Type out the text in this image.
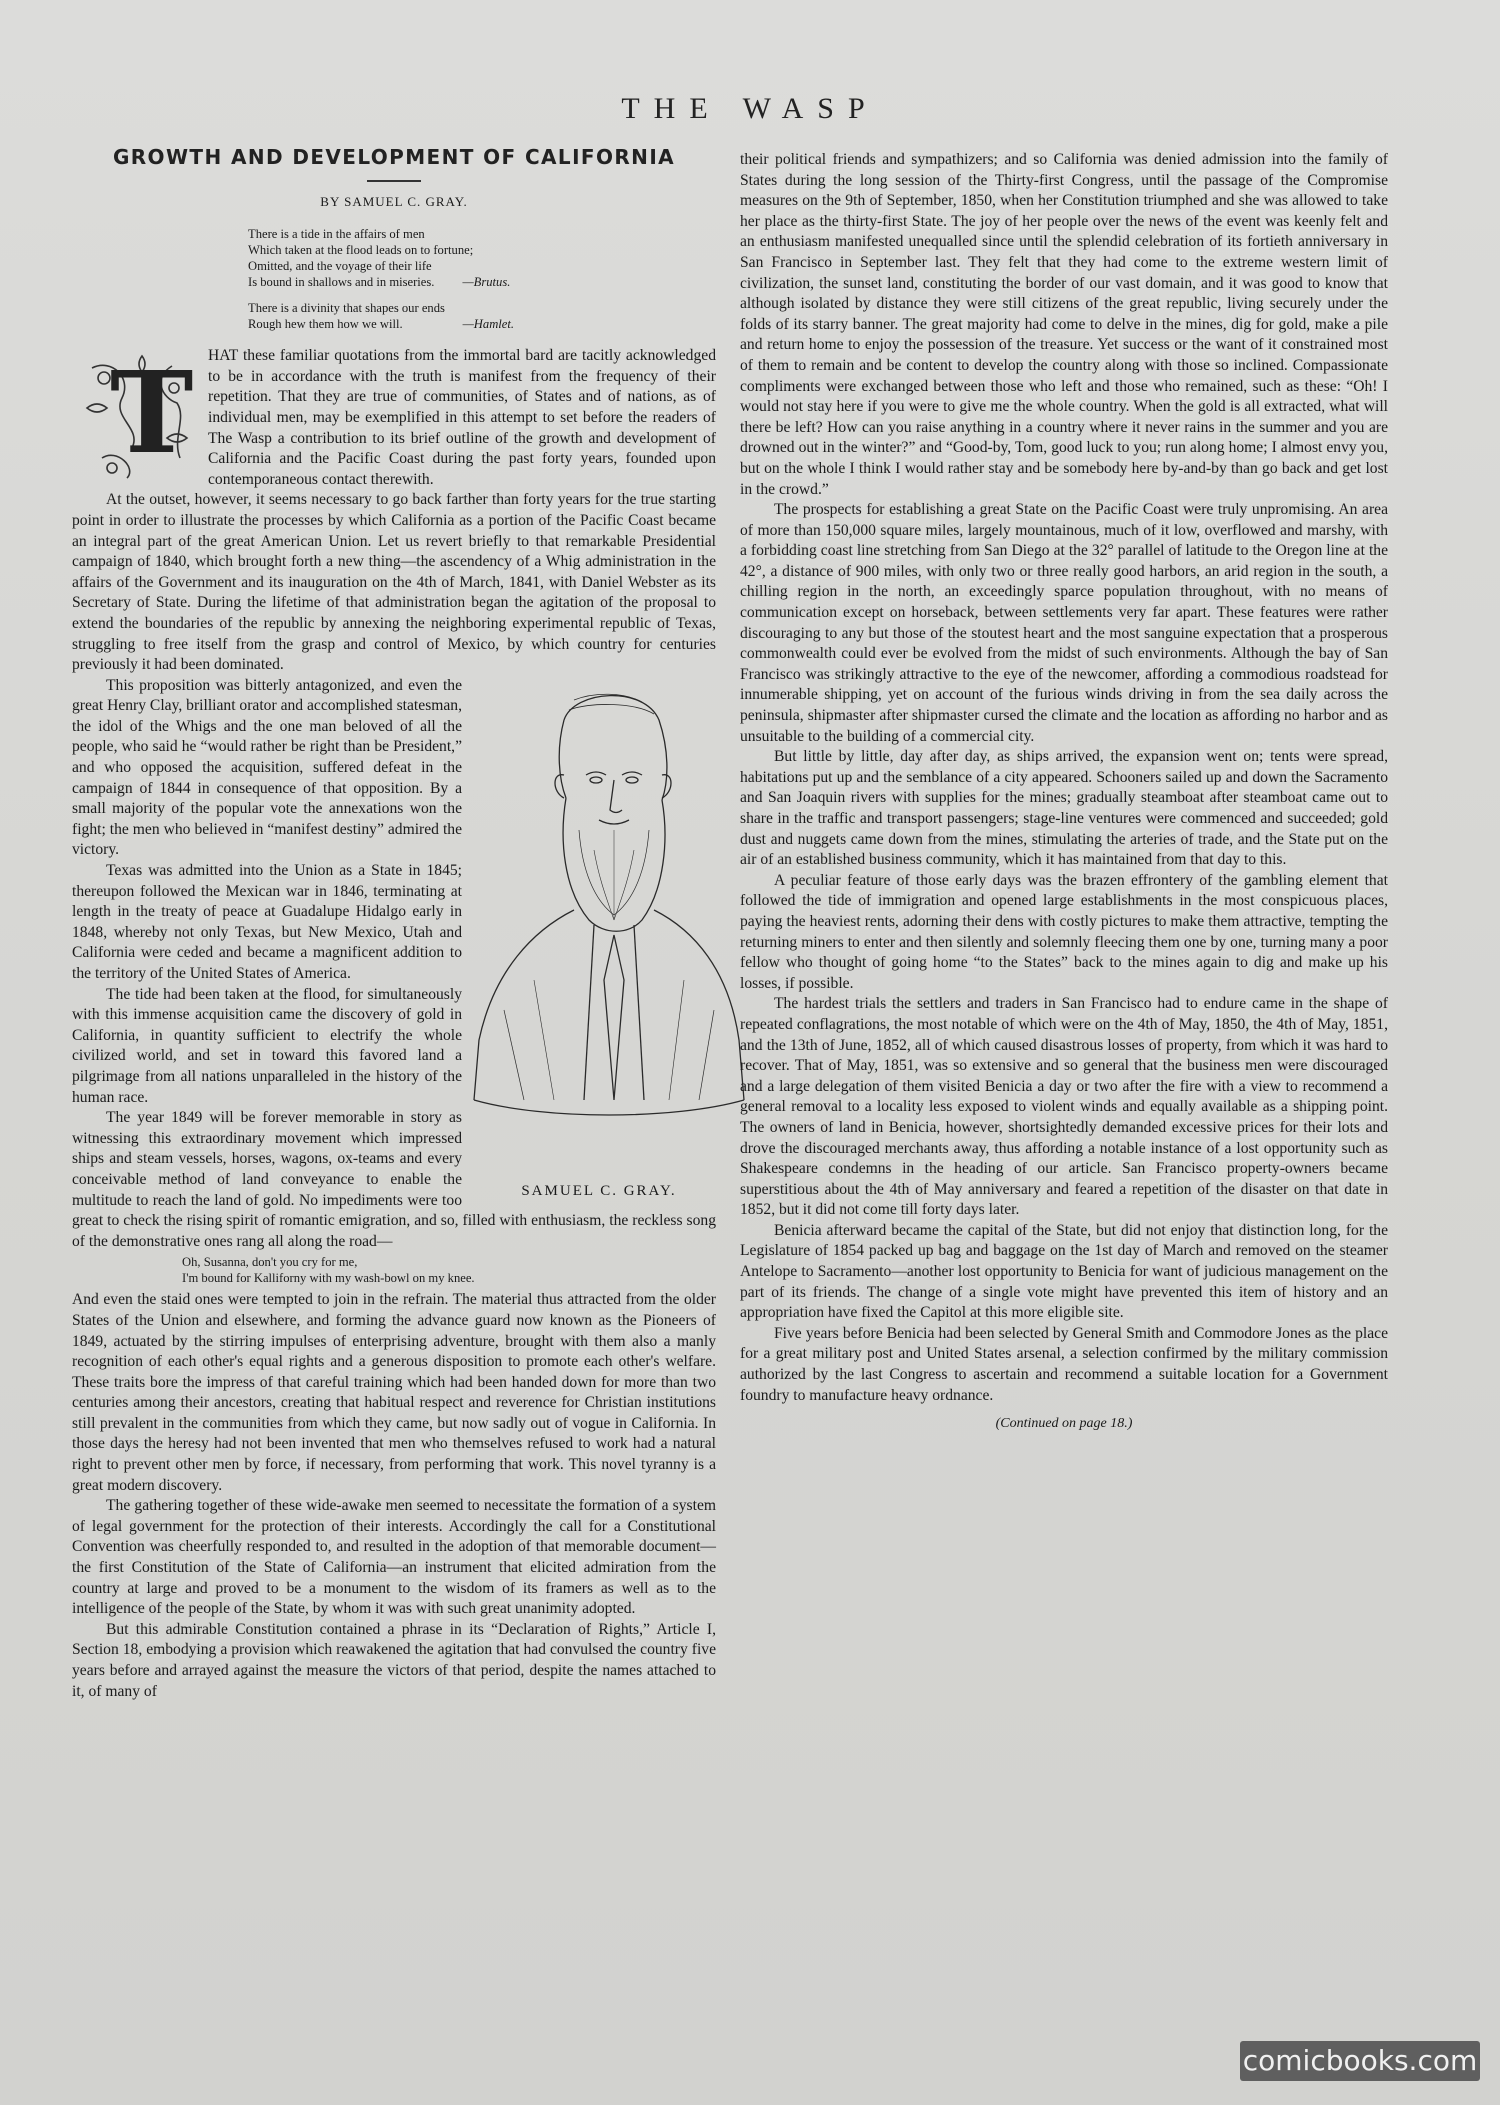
THE WASP
GROWTH AND DEVELOPMENT OF CALIFORNIA
BY SAMUEL C. GRAY.
There is a tide in the affairs of men
Which taken at the flood leads on to fortune;
Omitted, and the voyage of their life
Is bound in shallows and in miseries. —Brutus.
There is a divinity that shapes our ends
Rough hew them how we will.	—Hamlet.
T HAT these familiar quotations from the immortal bard are tacitly acknowledged to be in accordance with the truth is manifest from the frequency of their repetition. That they are true of communities, of States and of nations, as of individual men, may be exemplified in this attempt to set before the readers of The Wasp a contribution to its brief outline of the growth and development of California and the Pacific Coast during the past forty years, founded upon contemporaneous contact therewith.

At the outset, however, it seems necessary to go back farther than forty years for the true starting point in order to illustrate the processes by which California as a portion of the Pacific Coast became an integral part of the great American Union. Let us revert briefly to that remarkable Presidential campaign of 1840, which brought forth a new thing—the ascendency of a Whig administration in the affairs of the Government and its inauguration on the 4th of March, 1841, with Daniel Webster as its Secretary of State. During the lifetime of that administration began the agitation of the proposal to extend the boundaries of the republic by annexing the neighboring experimental republic of Texas, struggling to free itself from the grasp and control of Mexico, by which country for centuries previously it had been dominated.

SAMUEL C. GRAY.

This proposition was bitterly antagonized, and even the great Henry Clay, brilliant orator and accomplished statesman, the idol of the Whigs and the one man beloved of all the people, who said he “would rather be right than be President,” and who opposed the acquisition, suffered defeat in the campaign of 1844 in consequence of that opposition. By a small majority of the popular vote the annexations won the fight; the men who believed in “manifest destiny” admired the victory.

Texas was admitted into the Union as a State in 1845; thereupon followed the Mexican war in 1846, terminating at length in the treaty of peace at Guadalupe Hidalgo early in 1848, whereby not only Texas, but New Mexico, Utah and California were ceded and became a magnificent addition to the territory of the United States of America.

The tide had been taken at the flood, for simultaneously with this immense acquisition came the discovery of gold in California, in quantity sufficient to electrify the whole civilized world, and set in toward this favored land a pilgrimage from all nations unparalleled in the history of the human race.

The year 1849 will be forever memorable in story as witnessing this extraordinary movement which impressed ships and steam vessels, horses, wagons, ox-teams and every conceivable method of land conveyance to enable the multitude to reach the land of gold. No impediments were too great to check the rising spirit of romantic emigration, and so, filled with enthusiasm, the reckless song of the demonstrative ones rang all along the road—

Oh, Susanna, don't you cry for me,
I'm bound for Kalliforny with my wash-bowl on my knee.

And even the staid ones were tempted to join in the refrain. The material thus attracted from the older States of the Union and elsewhere, and forming the advance guard now known as the Pioneers of 1849, actuated by the stirring impulses of enterprising adventure, brought with them also a manly recognition of each other's equal rights and a generous disposition to promote each other's welfare. These traits bore the impress of that careful training which had been handed down for more than two centuries among their ancestors, creating that habitual respect and reverence for Christian institutions still prevalent in the communities from which they came, but now sadly out of vogue in California. In those days the heresy had not been invented that men who themselves refused to work had a natural right to prevent other men by force, if necessary, from performing that work. This novel tyranny is a great modern discovery.

The gathering together of these wide-awake men seemed to necessitate the formation of a system of legal government for the protection of their interests. Accordingly the call for a Constitutional Convention was cheerfully responded to, and resulted in the adoption of that memorable document—the first Constitution of the State of California—an instrument that elicited admiration from the country at large and proved to be a monument to the wisdom of its framers as well as to the intelligence of the people of the State, by whom it was with such great unanimity adopted.

But this admirable Constitution contained a phrase in its “Declaration of Rights,” Article I, Section 18, embodying a provision which reawakened the agitation that had convulsed the country five years before and arrayed against the measure the victors of that period, despite the names attached to it, of many of

their political friends and sympathizers; and so California was denied admission into the family of States during the long session of the Thirty-first Congress, until the passage of the Compromise measures on the 9th of September, 1850, when her Constitution triumphed and she was allowed to take her place as the thirty-first State. The joy of her people over the news of the event was keenly felt and an enthusiasm manifested unequalled since until the splendid celebration of its fortieth anniversary in San Francisco in September last. They felt that they had come to the extreme western limit of civilization, the sunset land, constituting the border of our vast domain, and it was good to know that although isolated by distance they were still citizens of the great republic, living securely under the folds of its starry banner. The great majority had come to delve in the mines, dig for gold, make a pile and return home to enjoy the possession of the treasure. Yet success or the want of it constrained most of them to remain and be content to develop the country along with those so inclined. Compassionate compliments were exchanged between those who left and those who remained, such as these: “Oh! I would not stay here if you were to give me the whole country. When the gold is all extracted, what will there be left? How can you raise anything in a country where it never rains in the summer and you are drowned out in the winter?” and “Good-by, Tom, good luck to you; run along home; I almost envy you, but on the whole I think I would rather stay and be somebody here by-and-by than go back and get lost in the crowd.”

The prospects for establishing a great State on the Pacific Coast were truly unpromising. An area of more than 150,000 square miles, largely mountainous, much of it low, overflowed and marshy, with a forbidding coast line stretching from San Diego at the 32° parallel of latitude to the Oregon line at the 42°, a distance of 900 miles, with only two or three really good harbors, an arid region in the south, a chilling region in the north, an exceedingly sparce population throughout, with no means of communication except on horseback, between settlements very far apart. These features were rather discouraging to any but those of the stoutest heart and the most sanguine expectation that a prosperous commonwealth could ever be evolved from the midst of such environments. Although the bay of San Francisco was strikingly attractive to the eye of the newcomer, affording a commodious roadstead for innumerable shipping, yet on account of the furious winds driving in from the sea daily across the peninsula, shipmaster after shipmaster cursed the climate and the location as affording no harbor and as unsuitable to the building of a commercial city.

But little by little, day after day, as ships arrived, the expansion went on; tents were spread, habitations put up and the semblance of a city appeared. Schooners sailed up and down the Sacramento and San Joaquin rivers with supplies for the mines; gradually steamboat after steamboat came out to share in the traffic and transport passengers; stage-line ventures were commenced and succeeded; gold dust and nuggets came down from the mines, stimulating the arteries of trade, and the State put on the air of an established business community, which it has maintained from that day to this.

A peculiar feature of those early days was the brazen effrontery of the gambling element that followed the tide of immigration and opened large establishments in the most conspicuous places, paying the heaviest rents, adorning their dens with costly pictures to make them attractive, tempting the returning miners to enter and then silently and solemnly fleecing them one by one, turning many a poor fellow who thought of going home “to the States” back to the mines again to dig and make up his losses, if possible.

The hardest trials the settlers and traders in San Francisco had to endure came in the shape of repeated conflagrations, the most notable of which were on the 4th of May, 1850, the 4th of May, 1851, and the 13th of June, 1852, all of which caused disastrous losses of property, from which it was hard to recover. That of May, 1851, was so extensive and so general that the business men were discouraged and a large delegation of them visited Benicia a day or two after the fire with a view to recommend a general removal to a locality less exposed to violent winds and equally available as a shipping point. The owners of land in Benicia, however, shortsightedly demanded excessive prices for their lots and drove the discouraged merchants away, thus affording a notable instance of a lost opportunity such as Shakespeare condemns in the heading of our article. San Francisco property-owners became superstitious about the 4th of May anniversary and feared a repetition of the disaster on that date in 1852, but it did not come till forty days later.

Benicia afterward became the capital of the State, but did not enjoy that distinction long, for the Legislature of 1854 packed up bag and baggage on the 1st day of March and removed on the steamer Antelope to Sacramento—another lost opportunity to Benicia for want of judicious management on the part of its friends. The change of a single vote might have prevented this item of history and an appropriation have fixed the Capitol at this more eligible site.

Five years before Benicia had been selected by General Smith and Commodore Jones as the place for a great military post and United States arsenal, a selection confirmed by the military commission authorized by the last Congress to ascertain and recommend a suitable location for a Government foundry to manufacture heavy ordnance.

(Continued on page 18.)
comicbooks.com
